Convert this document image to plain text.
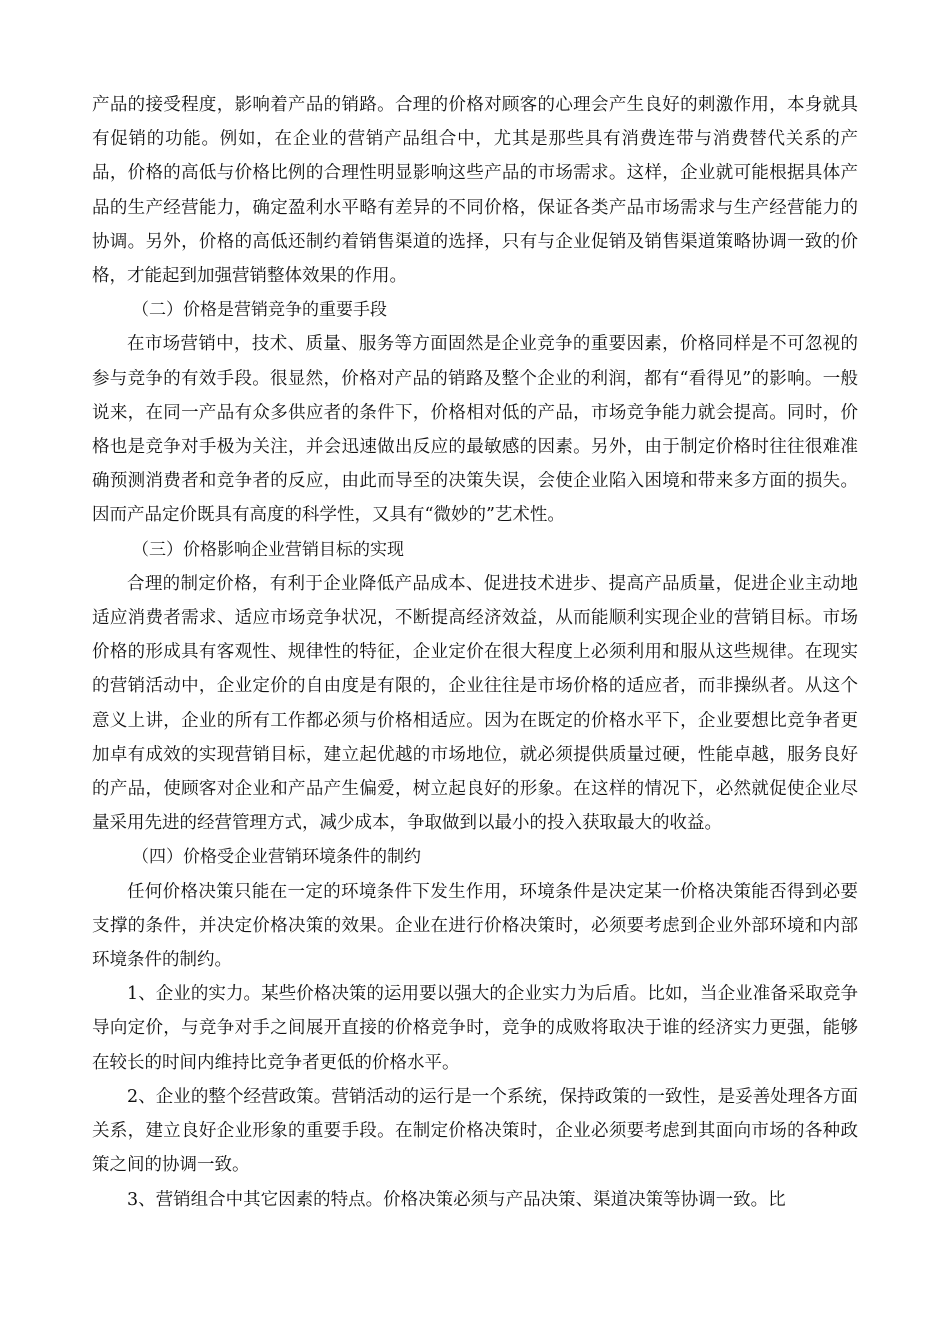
产品的接受程度，影响着产品的销路。合理的价格对顾客的心理会产生良好的刺激作用，本身就具有促销的功能。例如，在企业的营销产品组合中，尤其是那些具有消费连带与消费替代关系的产品，价格的高低与价格比例的合理性明显影响这些产品的市场需求。这样，企业就可能根据具体产品的生产经营能力，确定盈利水平略有差异的不同价格，保证各类产品市场需求与生产经营能力的协调。另外，价格的高低还制约着销售渠道的选择，只有与企业促销及销售渠道策略协调一致的价格，才能起到加强营销整体效果的作用。

（二）价格是营销竞争的重要手段

在市场营销中，技术、质量、服务等方面固然是企业竞争的重要因素，价格同样是不可忽视的参与竞争的有效手段。很显然，价格对产品的销路及整个企业的利润，都有“看得见”的影响。一般说来，在同一产品有众多供应者的条件下，价格相对低的产品，市场竞争能力就会提高。同时，价格也是竞争对手极为关注，并会迅速做出反应的最敏感的因素。另外，由于制定价格时往往很难准确预测消费者和竞争者的反应，由此而导至的决策失误，会使企业陷入困境和带来多方面的损失。因而产品定价既具有高度的科学性，又具有“微妙的”艺术性。

（三）价格影响企业营销目标的实现

合理的制定价格，有利于企业降低产品成本、促进技术进步、提高产品质量，促进企业主动地适应消费者需求、适应市场竞争状况，不断提高经济效益，从而能顺利实现企业的营销目标。市场价格的形成具有客观性、规律性的特征，企业定价在很大程度上必须利用和服从这些规律。在现实的营销活动中，企业定价的自由度是有限的，企业往往是市场价格的适应者，而非操纵者。从这个意义上讲，企业的所有工作都必须与价格相适应。因为在既定的价格水平下，企业要想比竞争者更加卓有成效的实现营销目标，建立起优越的市场地位，就必须提供质量过硬，性能卓越，服务良好的产品，使顾客对企业和产品产生偏爱，树立起良好的形象。在这样的情况下，必然就促使企业尽量采用先进的经营管理方式，减少成本，争取做到以最小的投入获取最大的收益。

（四）价格受企业营销环境条件的制约

任何价格决策只能在一定的环境条件下发生作用，环境条件是决定某一价格决策能否得到必要支撑的条件，并决定价格决策的效果。企业在进行价格决策时，必须要考虑到企业外部环境和内部环境条件的制约。

1、企业的实力。某些价格决策的运用要以强大的企业实力为后盾。比如，当企业准备采取竞争导向定价，与竞争对手之间展开直接的价格竞争时，竞争的成败将取决于谁的经济实力更强，能够在较长的时间内维持比竞争者更低的价格水平。

2、企业的整个经营政策。营销活动的运行是一个系统，保持政策的一致性，是妥善处理各方面关系，建立良好企业形象的重要手段。在制定价格决策时，企业必须要考虑到其面向市场的各种政策之间的协调一致。

3、营销组合中其它因素的特点。价格决策必须与产品决策、渠道决策等协调一致。比
